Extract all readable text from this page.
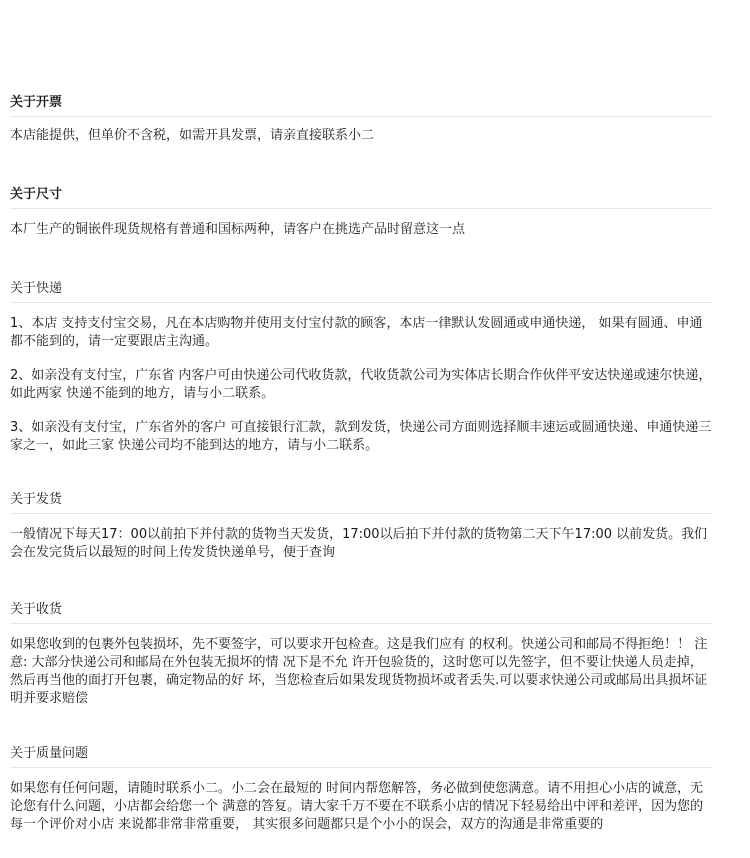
关于开票

本店能提供，但单价不含税，如需开具发票，请亲直接联系小二

关于尺寸

本厂生产的铜嵌件现货规格有普通和国标两种，请客户在挑选产品时留意这一点

关于快递

1、本店 支持支付宝交易，凡在本店购物并使用支付宝付款的顾客，本店一律默认发圆通或申通快递， 如果有圆通、申通都不能到的，请一定要跟店主沟通。

2、如亲没有支付宝，广东省 内客户可由快递公司代收货款，代收货款公司为实体店长期合作伙伴平安达快递或速尔快递，如此两家 快递不能到的地方，请与小二联系。

3、如亲没有支付宝，广东省外的客户 可直接银行汇款，款到发货，快递公司方面则选择顺丰速运或圆通快递、申通快递三家之一，如此三家 快递公司均不能到达的地方，请与小二联系。

关于发货

一般情况下每天17：00以前拍下并付款的货物当天发货，17:00以后拍下并付款的货物第二天下午17:00 以前发货。我们会在发完货后以最短的时间上传发货快递单号，便于查询

关于收货

如果您收到的包裹外包装损坏，先不要签字，可以要求开包检查。这是我们应有 的权利。快递公司和邮局不得拒绝！！ 注意: 大部分快递公司和邮局在外包装无损坏的情 况下是不允 许开包验货的，这时您可以先签字，但不要让快递人员走掉，然后再当他的面打开包裹，确定物品的好 坏，当您检查后如果发现货物损坏或者丢失.可以要求快递公司或邮局出具损坏证明并要求赔偿

关于质量问题

如果您有任何问题，请随时联系小二。小二会在最短的 时间内帮您解答，务必做到使您满意。请不用担心小店的诚意，无论您有什么问题，小店都会给您一个 满意的答复。请大家千万不要在不联系小店的情况下轻易给出中评和差评，因为您的每一个评价对小店 来说都非常非常重要， 其实很多问题都只是个小小的误会，双方的沟通是非常重要的
